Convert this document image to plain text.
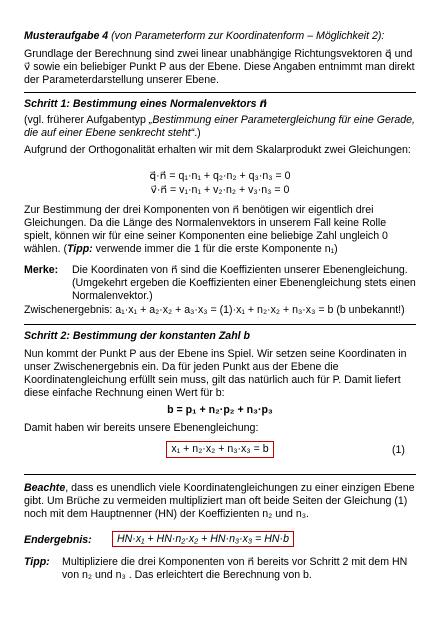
Musteraufgabe 4 (von Parameterform zur Koordinatenform – Möglichkeit 2):

Grundlage der Berechnung sind zwei linear unabhängige Richtungsvektoren q⃗ und v⃗ sowie ein beliebiger Punkt P aus der Ebene. Diese Angaben entnimmt man direkt der Parameterdarstellung unserer Ebene.

Schritt 1: Bestimmung eines Normalenvektors n⃗

(vgl. früherer Aufgabentyp „Bestimmung einer Parametergleichung für eine Gerade, die auf einer Ebene senkrecht steht“.)

Aufgrund der Orthogonalität erhalten wir mit dem Skalarprodukt zwei Gleichungen:

q⃗·n⃗ = q₁·n₁ + q₂·n₂ + q₃·n₃ = 0

v⃗·n⃗ = v₁·n₁ + v₂·n₂ + v₃·n₃ = 0

Zur Bestimmung der drei Komponenten von n⃗ benötigen wir eigentlich drei Gleichungen. Da die Länge des Normalenvektors in unserem Fall keine Rolle spielt, können wir für eine seiner Komponenten eine beliebige Zahl ungleich 0 wählen. (Tipp: verwende immer die 1 für die erste Komponente n₁)

Merke: Die Koordinaten von n⃗ sind die Koeffizienten unserer Ebenengleichung.(Umgekehrt ergeben die Koeffizienten einer Ebenengleichung stets einen Normalenvektor.)

Zwischenergebnis: a₁·x₁ + a₂·x₂ + a₃·x₃ = (1)·x₁ + n₂·x₂ + n₃·x₃ = b (b unbekannt!)

Schritt 2: Bestimmung der konstanten Zahl b

Nun kommt der Punkt P aus der Ebene ins Spiel. Wir setzen seine Koordinaten in unser Zwischenergebnis ein. Da für jeden Punkt aus der Ebene die Koordinatengleichung erfüllt sein muss, gilt das natürlich auch für P. Damit liefert diese einfache Rechnung einen Wert für b:

b = p₁ + n₂·p₂ + n₃·p₃

Damit haben wir bereits unsere Ebenengleichung:

x₁ + n₂·x₂ + n₃·x₃ = b	(1)

Beachte, dass es unendlich viele Koordinatengleichungen zu einer einzigen Ebene gibt. Um Brüche zu vermeiden multipliziert man oft beide Seiten der Gleichung (1) noch mit dem Hauptnenner (HN) der Koeffizienten n₂ und n₃.

Endergebnis:	HN·x₁ + HN·n₂·x₂ + HN·n₃·x₃ = HN·b
Tipp: Multipliziere die drei Komponenten von n⃗ bereits vor Schritt 2 mit dem HN von n₂ und n₃ . Das erleichtert die Berechnung von b.
